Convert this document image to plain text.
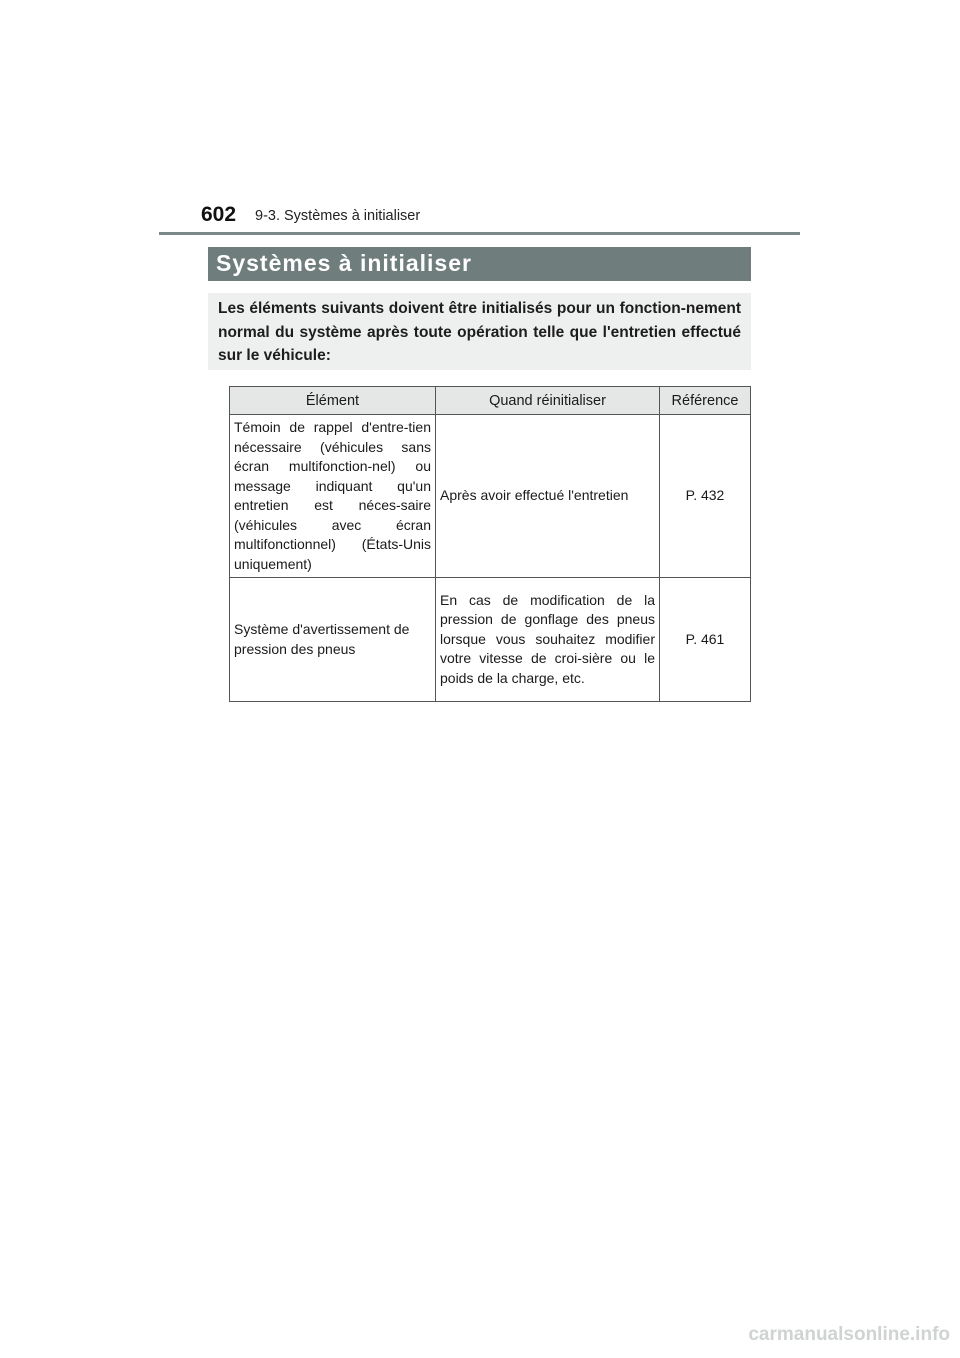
602 9-3. Systèmes à initialiser
Systèmes à initialiser
Les éléments suivants doivent être initialisés pour un fonction-nement normal du système après toute opération telle que l'entretien effectué sur le véhicule:
Élément	Quand réinitialiser	Référence
Témoin de rappel d'entre-tien nécessaire (véhicules sans écran multifonction-nel) ou message indiquant qu'un entretien est néces-saire (véhicules avec écran multifonctionnel) (États-Unis uniquement)	Après avoir effectué l'entretien	P. 432
Système d'avertissement de pression des pneus	En cas de modification de la pression de gonflage des pneus lorsque vous souhaitez modifier votre vitesse de croi-sière ou le poids de la charge, etc.	P. 461
carmanualsonline.info
